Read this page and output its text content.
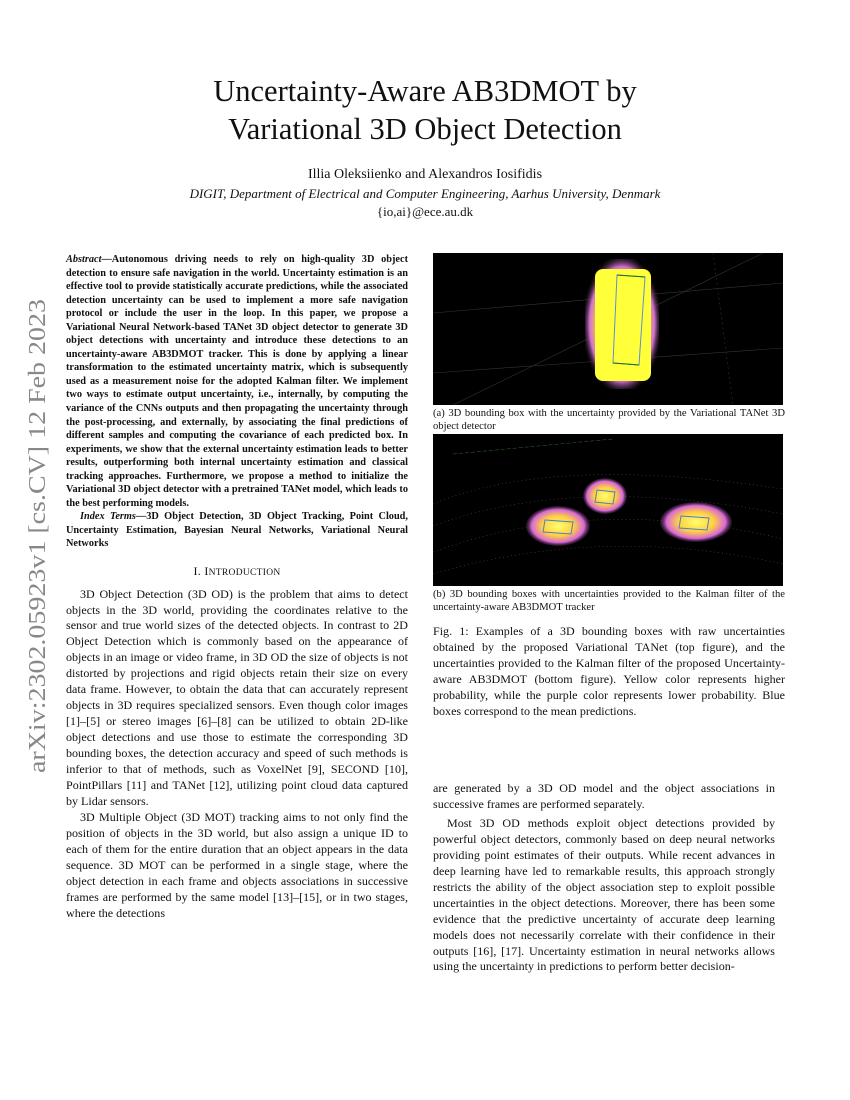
arXiv:2302.05923v1 [cs.CV] 12 Feb 2023
Uncertainty-Aware AB3DMOT by
Variational 3D Object Detection
Illia Oleksiienko and Alexandros Iosifidis
DIGIT, Department of Electrical and Computer Engineering, Aarhus University, Denmark
{io,ai}@ece.au.dk
Abstract—Autonomous driving needs to rely on high-quality 3D object detection to ensure safe navigation in the world. Uncertainty estimation is an effective tool to provide statistically accurate predictions, while the associated detection uncertainty can be used to implement a more safe navigation protocol or include the user in the loop. In this paper, we propose a Variational Neural Network-based TANet 3D object detector to generate 3D object detections with uncertainty and introduce these detections to an uncertainty-aware AB3DMOT tracker. This is done by applying a linear transformation to the estimated uncertainty matrix, which is subsequently used as a measurement noise for the adopted Kalman filter. We implement two ways to estimate output uncertainty, i.e., internally, by computing the variance of the CNNs outputs and then propagating the uncertainty through the post-processing, and externally, by associating the final predictions of different samples and computing the covariance of each predicted box. In experiments, we show that the external uncertainty estimation leads to better results, outperforming both internal uncertainty estimation and classical tracking approaches. Furthermore, we propose a method to initialize the Variational 3D object detector with a pretrained TANet model, which leads to the best performing models.
Index Terms—3D Object Detection, 3D Object Tracking, Point Cloud, Uncertainty Estimation, Bayesian Neural Networks, Variational Neural Networks
I. INTRODUCTION

3D Object Detection (3D OD) is the problem that aims to detect objects in the 3D world, providing the coordinates relative to the sensor and true world sizes of the detected objects. In contrast to 2D Object Detection which is commonly based on the appearance of objects in an image or video frame, in 3D OD the size of objects is not distorted by projections and rigid objects retain their size on every data frame. However, to obtain the data that can accurately represent objects in 3D requires specialized sensors. Even though color images [1]–[5] or stereo images [6]–[8] can be utilized to obtain 2D-like object detections and use those to estimate the corresponding 3D bounding boxes, the detection accuracy and speed of such methods is inferior to that of methods, such as VoxelNet [9], SECOND [10], PointPillars [11] and TANet [12], utilizing point cloud data captured by Lidar sensors.

3D Multiple Object (3D MOT) tracking aims to not only find the position of objects in the 3D world, but also assign a unique ID to each of them for the entire duration that an object appears in the data sequence. 3D MOT can be performed in a single stage, where the object detection in each frame and objects associations in successive frames are performed by the same model [13]–[15], or in two stages, where the detections

(a) 3D bounding box with the uncertainty provided by the Variational TANet 3D object detector
(b) 3D bounding boxes with uncertainties provided to the Kalman filter of the uncertainty-aware AB3DMOT tracker
Fig. 1: Examples of a 3D bounding boxes with raw uncertainties obtained by the proposed Variational TANet (top figure), and the uncertainties provided to the Kalman filter of the proposed Uncertainty-aware AB3DMOT (bottom figure). Yellow color represents higher probability, while the purple color represents lower probability. Blue boxes correspond to the mean predictions.

are generated by a 3D OD model and the object associations in successive frames are performed separately.

Most 3D OD methods exploit object detections provided by powerful object detectors, commonly based on deep neural networks providing point estimates of their outputs. While recent advances in deep learning have led to remarkable results, this approach strongly restricts the ability of the object association step to exploit possible uncertainties in the object detections. Moreover, there has been some evidence that the predictive uncertainty of accurate deep learning models does not necessarily correlate with their confidence in their outputs [16], [17]. Uncertainty estimation in neural networks allows using the uncertainty in predictions to perform better decision-
